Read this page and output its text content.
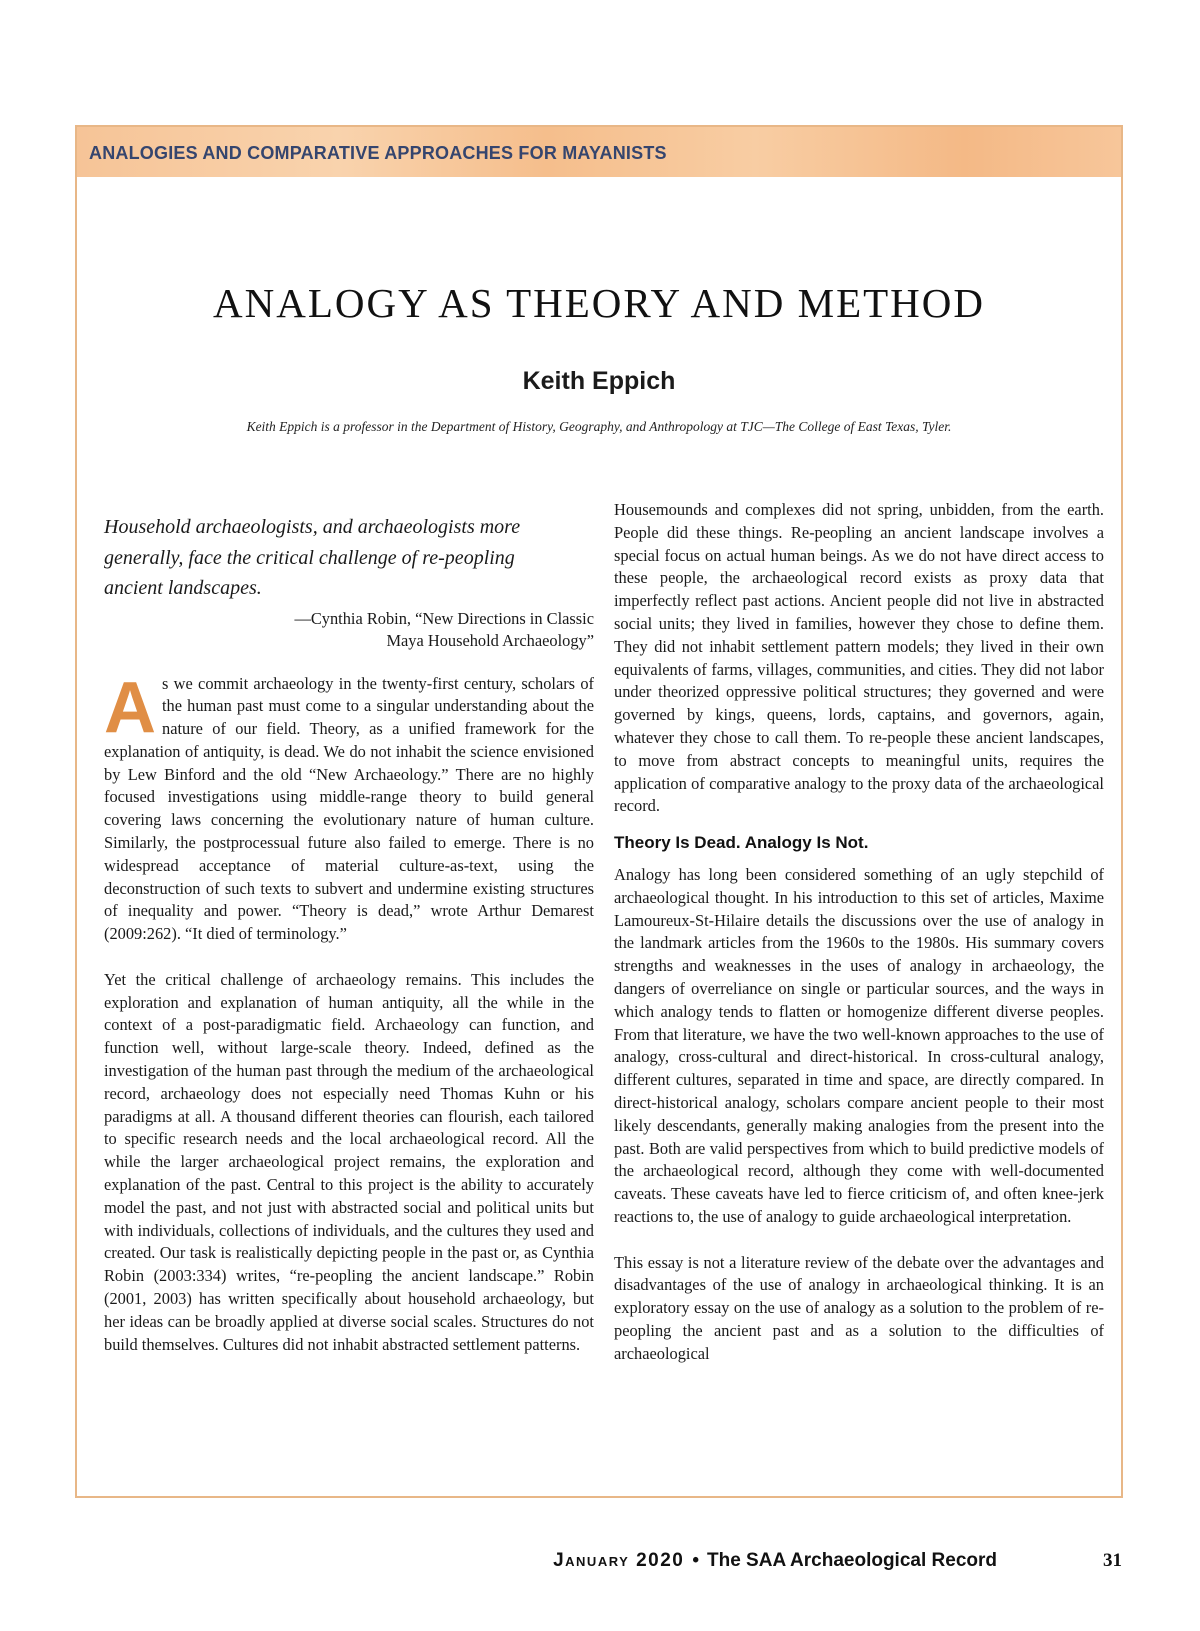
ANALOGIES AND COMPARATIVE APPROACHES FOR MAYANISTS
ANALOGY AS THEORY AND METHOD
Keith Eppich
Keith Eppich is a professor in the Department of History, Geography, and Anthropology at TJC—The College of East Texas, Tyler.

Household archaeologists, and archaeologists more generally, face the critical challenge of re-peopling ancient landscapes.

—Cynthia Robin, “New Directions in Classic
Maya Household Archaeology”

As we commit archaeology in the twenty-first century, scholars of the human past must come to a singular understanding about the nature of our field. Theory, as a unified framework for the explanation of antiquity, is dead. We do not inhabit the science envisioned by Lew Binford and the old “New Archaeology.” There are no highly focused investigations using middle-range theory to build general covering laws concerning the evolutionary nature of human culture. Similarly, the postprocessual future also failed to emerge. There is no widespread acceptance of material culture-as-text, using the deconstruction of such texts to subvert and undermine existing structures of inequality and power. “Theory is dead,” wrote Arthur Demarest (2009:262). “It died of terminology.”

Yet the critical challenge of archaeology remains. This includes the exploration and explanation of human antiquity, all the while in the context of a post-paradigmatic field. Archaeology can function, and function well, without large-scale theory. Indeed, defined as the investigation of the human past through the medium of the archaeological record, archaeology does not especially need Thomas Kuhn or his paradigms at all. A thousand different theories can flourish, each tailored to specific research needs and the local archaeological record. All the while the larger archaeological project remains, the exploration and explanation of the past. Central to this project is the ability to accurately model the past, and not just with abstracted social and political units but with individuals, collections of individuals, and the cultures they used and created. Our task is realistically depicting people in the past or, as Cynthia Robin (2003:334) writes, “re-peopling the ancient landscape.” Robin (2001, 2003) has written specifically about household archaeology, but her ideas can be broadly applied at diverse social scales. Structures do not build themselves. Cultures did not inhabit abstracted settlement patterns.

Housemounds and complexes did not spring, unbidden, from the earth. People did these things. Re-peopling an ancient landscape involves a special focus on actual human beings. As we do not have direct access to these people, the archaeological record exists as proxy data that imperfectly reflect past actions. Ancient people did not live in abstracted social units; they lived in families, however they chose to define them. They did not inhabit settlement pattern models; they lived in their own equivalents of farms, villages, communities, and cities. They did not labor under theorized oppressive political structures; they governed and were governed by kings, queens, lords, captains, and governors, again, whatever they chose to call them. To re-people these ancient landscapes, to move from abstract concepts to meaningful units, requires the application of comparative analogy to the proxy data of the archaeological record.

Theory Is Dead. Analogy Is Not.

Analogy has long been considered something of an ugly stepchild of archaeological thought. In his introduction to this set of articles, Maxime Lamoureux-St-Hilaire details the discussions over the use of analogy in the landmark articles from the 1960s to the 1980s. His summary covers strengths and weaknesses in the uses of analogy in archaeology, the dangers of overreliance on single or particular sources, and the ways in which analogy tends to flatten or homogenize different diverse peoples. From that literature, we have the two well-known approaches to the use of analogy, cross-cultural and direct-historical. In cross-cultural analogy, different cultures, separated in time and space, are directly compared. In direct-historical analogy, scholars compare ancient people to their most likely descendants, generally making analogies from the present into the past. Both are valid perspectives from which to build predictive models of the archaeological record, although they come with well-documented caveats. These caveats have led to fierce criticism of, and often knee-jerk reactions to, the use of analogy to guide archaeological interpretation.

This essay is not a literature review of the debate over the advantages and disadvantages of the use of analogy in archaeological thinking. It is an exploratory essay on the use of analogy as a solution to the problem of re-peopling the ancient past and as a solution to the difficulties of archaeological

January 2020 • The SAA Archaeological Record	31
